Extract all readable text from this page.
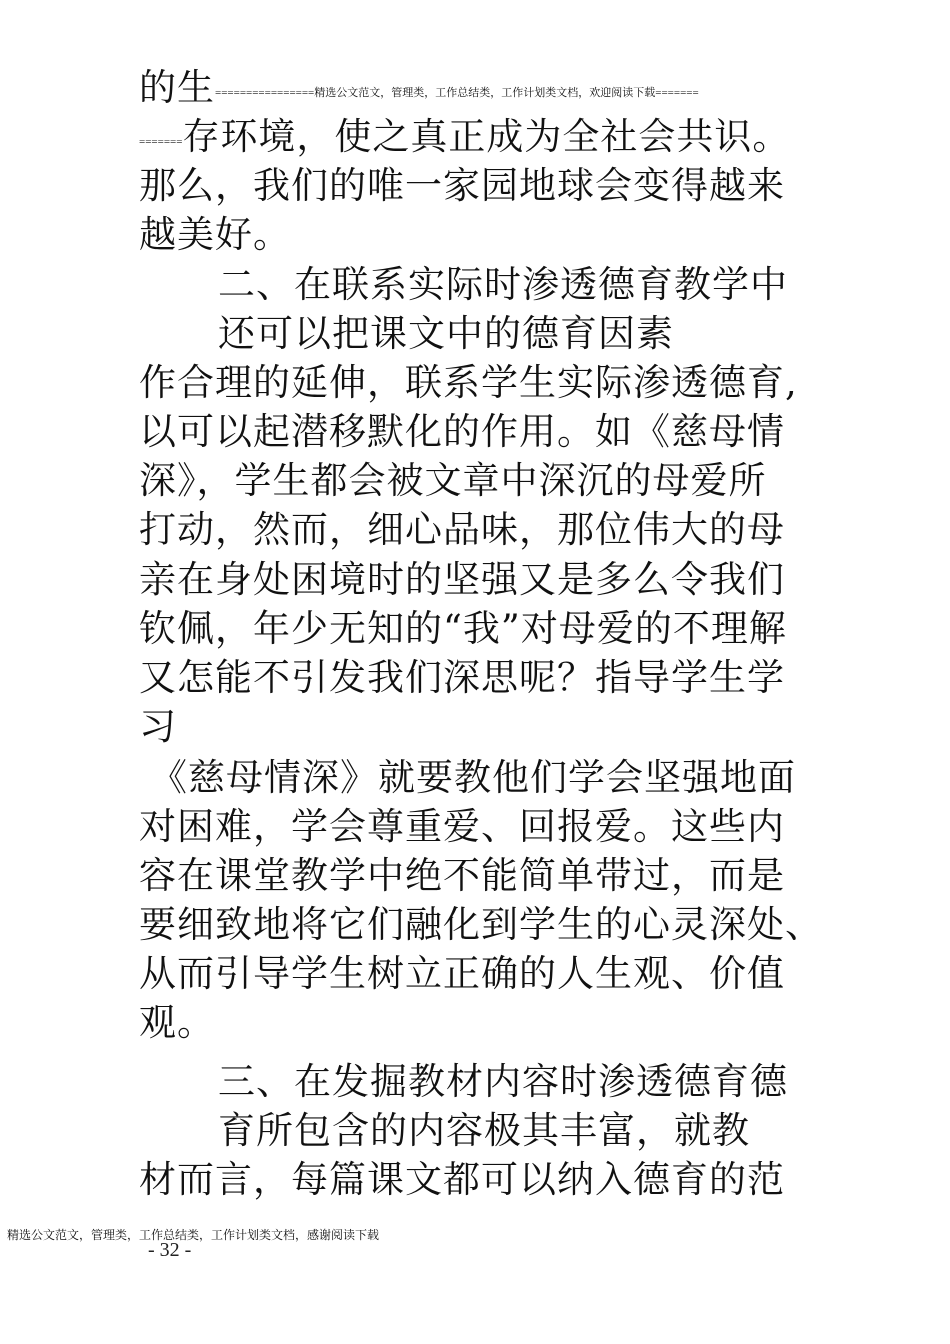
的生================精选公文范文，管理类，工作总结类，工作计划类文档，欢迎阅读下载=======
=======存环境，使之真正成为全社会共识。
那么，我们的唯一家园地球会变得越来
越美好。
二、在联系实际时渗透德育教学中
还可以把课文中的德育因素
作合理的延伸，联系学生实际渗透德育,
以可以起潜移默化的作用。如《慈母情
深》，学生都会被文章中深沉的母爱所
打动，然而，细心品味，那位伟大的母
亲在身处困境时的坚强又是多么令我们
钦佩，年少无知的“我”对母爱的不理解
又怎能不引发我们深思呢？指导学生学
习
《慈母情深》就要教他们学会坚强地面
对困难，学会尊重爱、回报爱。这些内
容在课堂教学中绝不能简单带过，而是
要细致地将它们融化到学生的心灵深处、
从而引导学生树立正确的人生观、价值
观。
三、在发掘教材内容时渗透德育德
育所包含的内容极其丰富，就教
材而言，每篇课文都可以纳入德育的范
精选公文范文，管理类，工作总结类，工作计划类文档，感谢阅读下载
- 32 -
